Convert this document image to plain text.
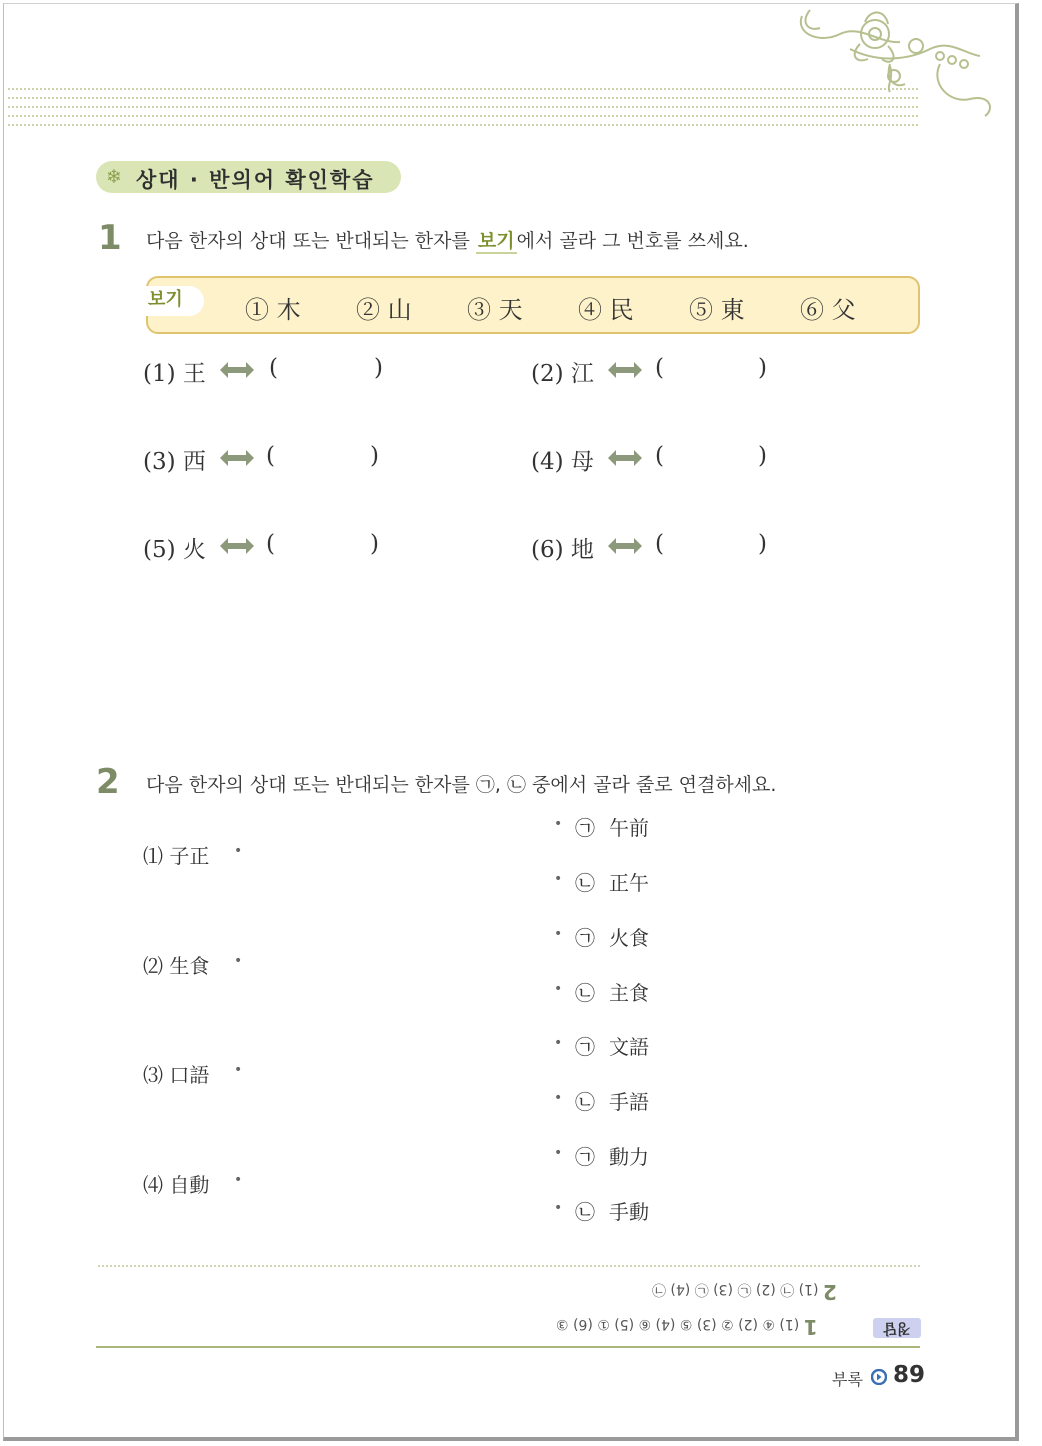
❄ 상대 · 반의어 확인학습
1 다음 한자의 상대 또는 반대되는 한자를 보기 에서 골라 그 번호를 쓰세요.
보기	① 木 ② 山 ③ 天 ④ 民 ⑤ 東 ⑥ 父
(1) 王	(	)	(2) 江	(	)
(3) 西	(	)	(4) 母	(	)
(5) 火	(	)	(6) 地	(	)
2 다음 한자의 상대 또는 반대되는 한자를 ㉠, ㉡ 중에서 골라 줄로 연결하세요.
⑴ 子正 •
⑵ 生食 •
⑶ 口語 •
⑷ 自動 •
• ㉠ 午前
• ㉡ 正午
• ㉠ 火食
• ㉡ 主食
• ㉠ 文語
• ㉡ 手語
• ㉠ 動力
• ㉡ 手動
2 (1) ㉠ (2) ㉡ (3) ㉡ (4) ㉠
1 (1) ④ (2) ② (3) ⑤ (4) ⑥ (5) ① (6) ③	정답
부록 89
